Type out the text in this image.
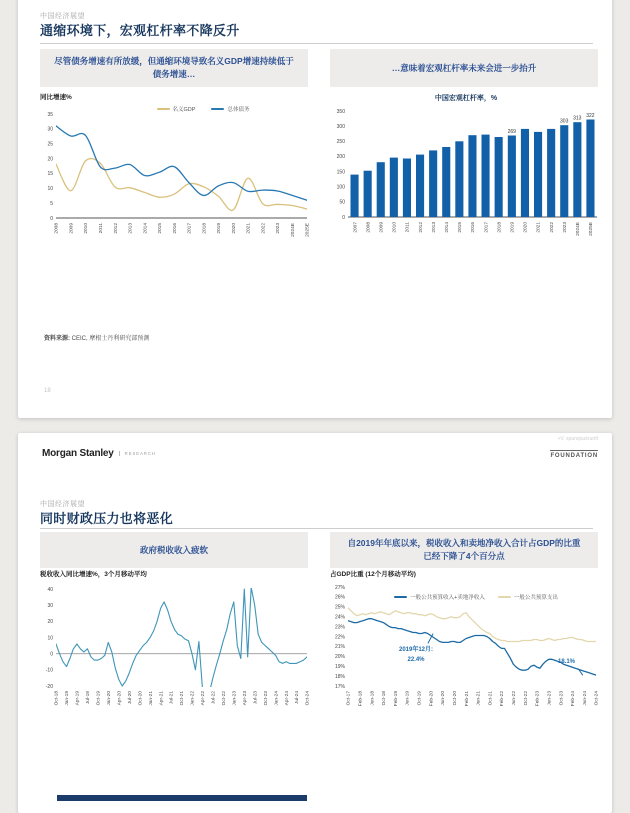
中国经济展望
通缩环境下，宏观杠杆率不降反升
尽管债务增速有所放缓，但通缩环境导致名义GDP增速持续低于债务增速…
…意味着宏观杠杆率未来会进一步抬升
同比增速%
名义GDP	总体债务
0
5
10
15
20
25
30
35
2008 2009 2010 2011 2012 2013 2014 2015 2016 2017 2018 2019 2020 2021 2022 2023 2024E 2025E
中国宏观杠杆率，%
0
50
100
150
200
250
300
350
2007 2008 2009 2010 2011 2012 2013 2014 2015 2016 2017 2018 2019 2020 2021 2022 2023 2024E 2025E
269
303 313 322
资料来源: CEIC, 摩根士丹利研究部预测
18
+V. spanqiuzixunft
Morgan Stanley	RESEARCH	FOUNDATION
中国经济展望
同时财政压力也将恶化
政府税收收入疲软
自2019年年底以来，税收收入和卖地净收入合计占GDP的比重已经下降了4个百分点
税收收入同比增速%，3个月移动平均
-20
-10
0
10
20
30
40
Oct-18 Jan-19 Apr-19 Jul-19 Oct-19 Jan-20 Apr-20 Jul-20 Oct-20 Jan-21 Apr-21 Jul-21 Oct-21 Jan-22 Apr-22 Jul-22 Oct-22 Jan-23 Apr-23 Jul-23 Oct-23 Jan-24 Apr-24 Jul-24 Oct-24
占GDP比重 (12个月移动平均)
一般公共预算收入+卖地净收入	一般公共预算支出
17%
18%
19%
20%
21%
22%
23%
24%
25%
26%
27%
Oct-17 Feb-18 Jun-18 Oct-18 Feb-19 Jun-19 Oct-19 Feb-20 Jun-20 Oct-20 Feb-21 Jun-21 Oct-21 Feb-22 Jun-22 Oct-22 Feb-23 Jun-23 Oct-23 Feb-24 Jun-24 Oct-24
2019年12月:
22.4%	18.1%
